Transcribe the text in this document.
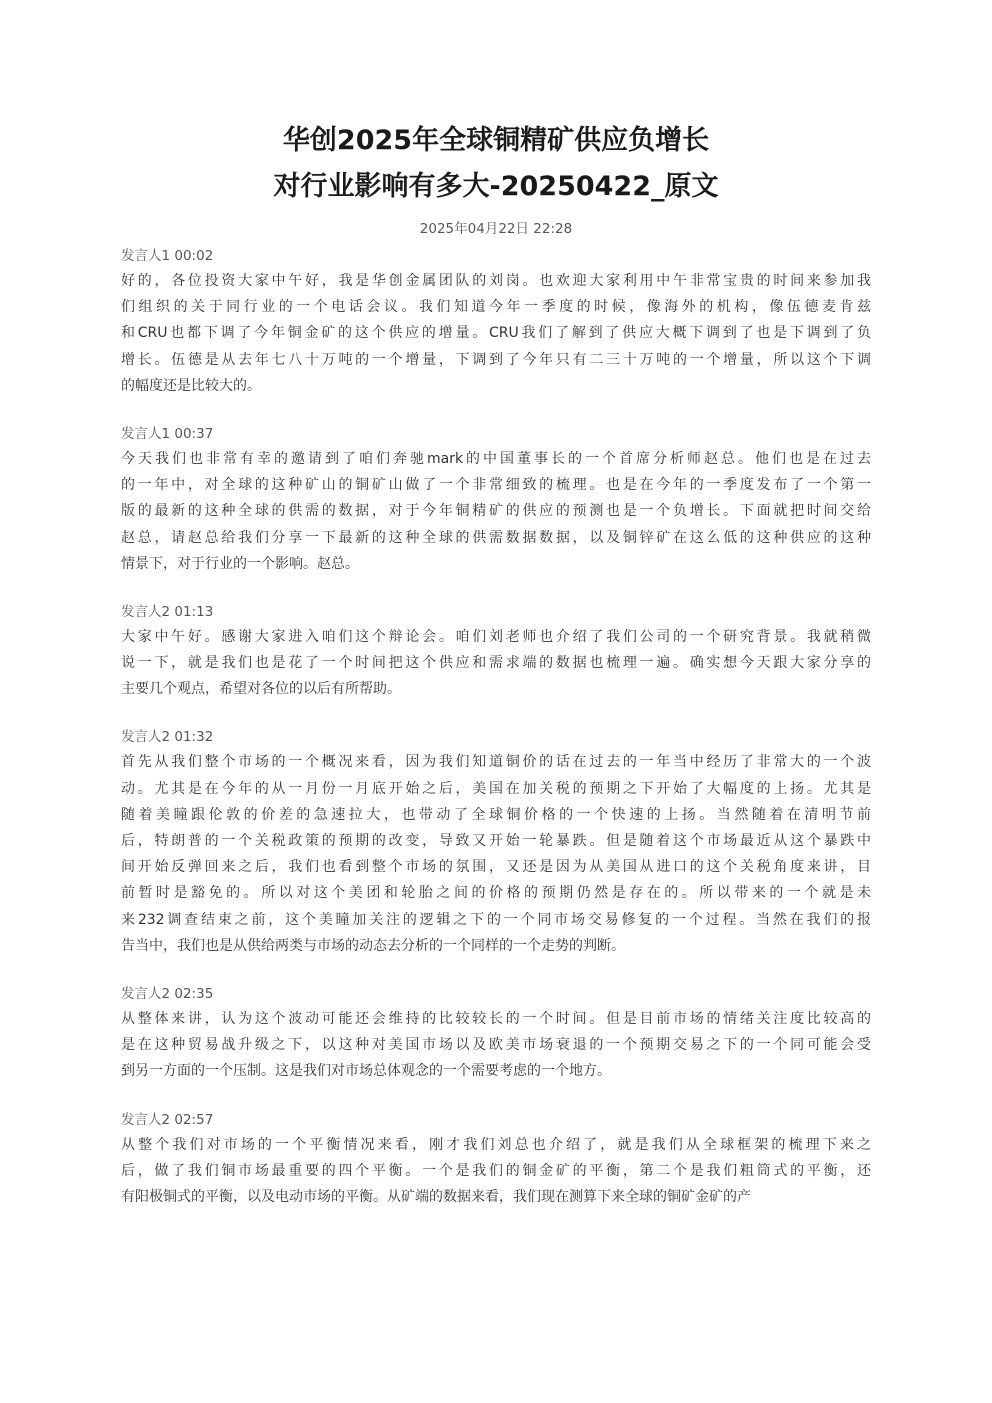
华创2025年全球铜精矿供应负增长
对行业影响有多大-20250422_原文
2025年04月22日 22:28
发言人1 00:02

好的，各位投资大家中午好，我是华创金属团队的刘岗。也欢迎大家利用中午非常宝贵的时间来参加我
们组织的关于同行业的一个电话会议。我们知道今年一季度的时候，像海外的机构，像伍德麦肯兹
和CRU也都下调了今年铜金矿的这个供应的增量。CRU我们了解到了供应大概下调到了也是下调到了负
增长。伍德是从去年七八十万吨的一个增量，下调到了今年只有二三十万吨的一个增量，所以这个下调
的幅度还是比较大的。

发言人1 00:37

今天我们也非常有幸的邀请到了咱们奔驰mark的中国董事长的一个首席分析师赵总。他们也是在过去
的一年中，对全球的这种矿山的铜矿山做了一个非常细致的梳理。也是在今年的一季度发布了一个第一
版的最新的这种全球的供需的数据，对于今年铜精矿的供应的预测也是一个负增长。下面就把时间交给
赵总，请赵总给我们分享一下最新的这种全球的供需数据数据，以及铜锌矿在这么低的这种供应的这种
情景下，对于行业的一个影响。赵总。

发言人2 01:13

大家中午好。感谢大家进入咱们这个辩论会。咱们刘老师也介绍了我们公司的一个研究背景。我就稍微
说一下，就是我们也是花了一个时间把这个供应和需求端的数据也梳理一遍。确实想今天跟大家分享的
主要几个观点，希望对各位的以后有所帮助。

发言人2 01:32

首先从我们整个市场的一个概况来看，因为我们知道铜价的话在过去的一年当中经历了非常大的一个波
动。尤其是在今年的从一月份一月底开始之后，美国在加关税的预期之下开始了大幅度的上扬。尤其是
随着美瞳跟伦敦的价差的急速拉大，也带动了全球铜价格的一个快速的上扬。当然随着在清明节前
后，特朗普的一个关税政策的预期的改变，导致又开始一轮暴跌。但是随着这个市场最近从这个暴跌中
间开始反弹回来之后，我们也看到整个市场的氛围，又还是因为从美国从进口的这个关税角度来讲，目
前暂时是豁免的。所以对这个美团和轮胎之间的价格的预期仍然是存在的。所以带来的一个就是未
来232调查结束之前，这个美瞳加关注的逻辑之下的一个同市场交易修复的一个过程。当然在我们的报
告当中，我们也是从供给两类与市场的动态去分析的一个同样的一个走势的判断。

发言人2 02:35

从整体来讲，认为这个波动可能还会维持的比较较长的一个时间。但是目前市场的情绪关注度比较高的
是在这种贸易战升级之下，以这种对美国市场以及欧美市场衰退的一个预期交易之下的一个同可能会受
到另一方面的一个压制。这是我们对市场总体观念的一个需要考虑的一个地方。

发言人2 02:57

从整个我们对市场的一个平衡情况来看，刚才我们刘总也介绍了，就是我们从全球框架的梳理下来之
后，做了我们铜市场最重要的四个平衡。一个是我们的铜金矿的平衡，第二个是我们粗筒式的平衡，还
有阳极铜式的平衡，以及电动市场的平衡。从矿端的数据来看，我们现在测算下来全球的铜矿金矿的产
